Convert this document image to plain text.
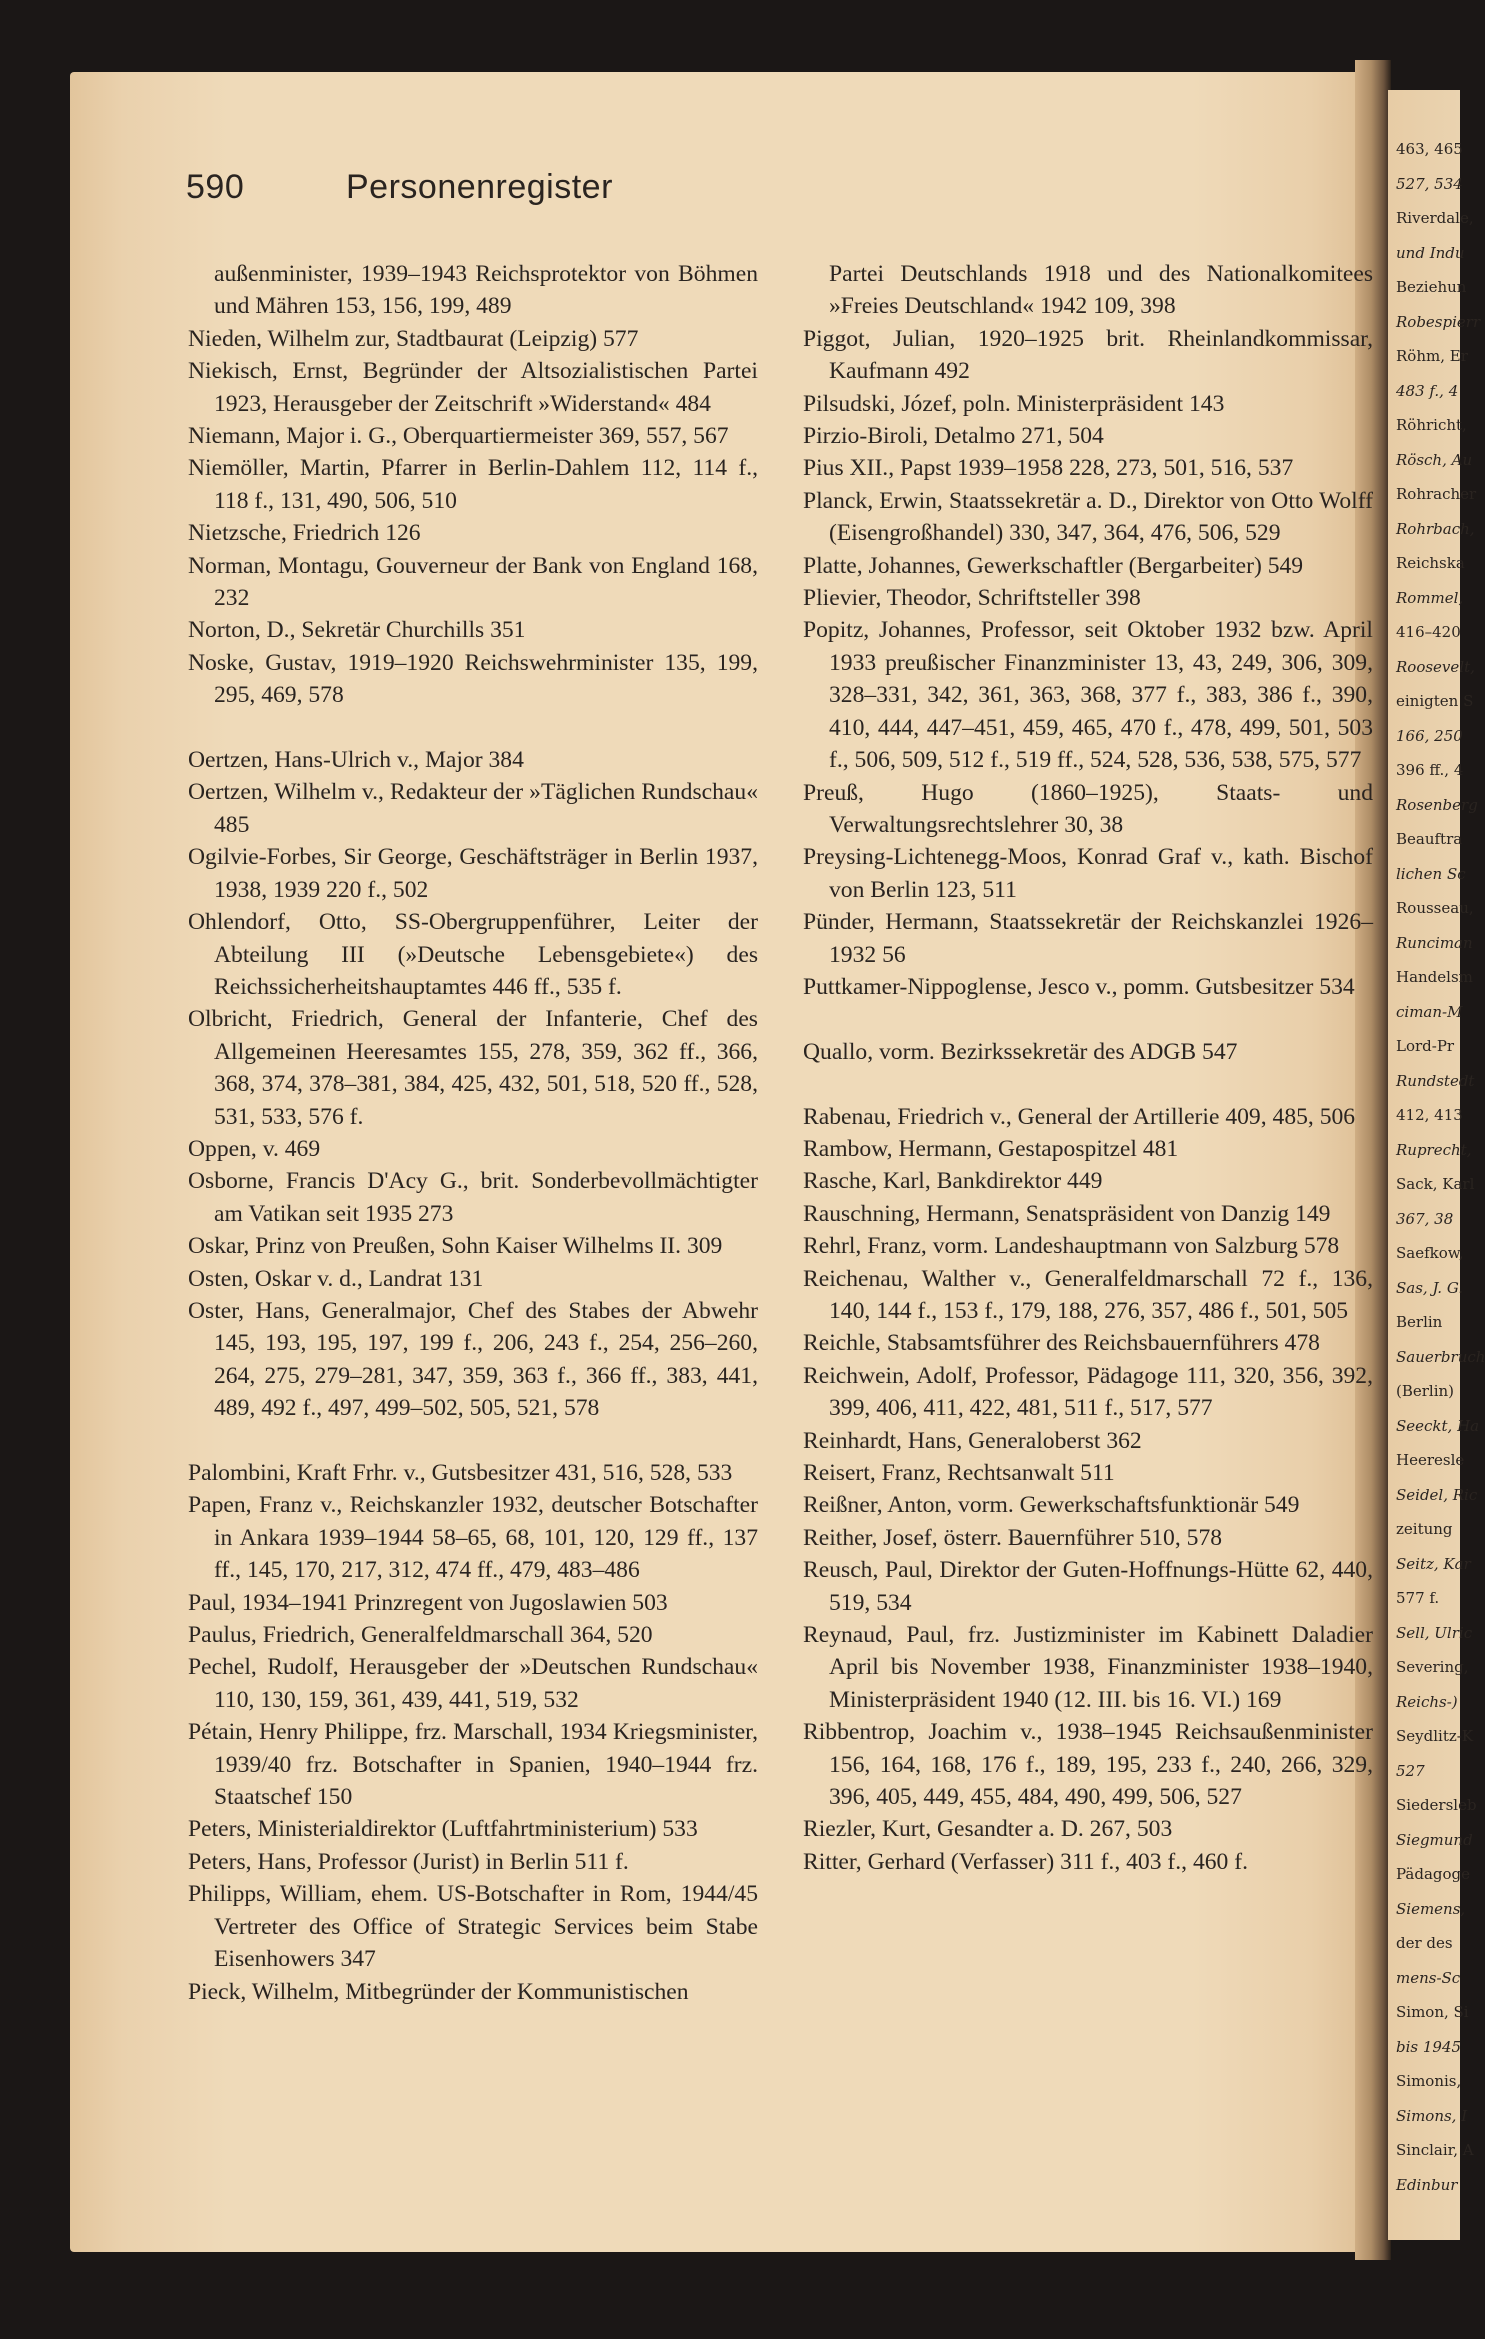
463, 465
527, 534
Riverdale,
und Indu
Beziehun
Robespierr
Röhm, Er
483 f., 4
Röhricht,
Rösch, Au
Rohracher
Rohrbach,
Reichska
Rommel,
416–420
Roosevelt,
einigten S
166, 250
396 ff., 4
Rosenberg
Beauftra
lichen Sc
Rousseau,
Runciman
Handelsm
ciman-M
Lord-Pr
Rundstedt
412, 413
Ruprecht,
Sack, Karl
367, 38
Saefkow,
Sas, J. G.
Berlin
Sauerbruch
(Berlin)
Seeckt, Ha
Heeresle
Seidel, Ric
zeitung
Seitz, Kar
577 f.
Sell, Ulric
Severing,
Reichs-)
Seydlitz-K
527
Siedersleb
Siegmund
Pädagoge
Siemens,
der des
mens-Sc
Simon, Si
bis 1945
Simonis,
Simons, I
Sinclair, A
Edinbur
590	Personenregister
außenminister, 1939–1943 Reichsprotektor von Böhmen und Mähren 153, 156, 199, 489
Nieden, Wilhelm zur, Stadtbaurat (Leipzig) 577
Niekisch, Ernst, Begründer der Altsozialistischen Partei 1923, Herausgeber der Zeitschrift »Widerstand« 484
Niemann, Major i. G., Oberquartiermeister 369, 557, 567
Niemöller, Martin, Pfarrer in Berlin-Dahlem 112, 114 f., 118 f., 131, 490, 506, 510
Nietzsche, Friedrich 126
Norman, Montagu, Gouverneur der Bank von England 168, 232
Norton, D., Sekretär Churchills 351
Noske, Gustav, 1919–1920 Reichswehrminister 135, 199, 295, 469, 578
Oertzen, Hans-Ulrich v., Major 384
Oertzen, Wilhelm v., Redakteur der »Täglichen Rundschau« 485
Ogilvie-Forbes, Sir George, Geschäftsträger in Berlin 1937, 1938, 1939 220 f., 502
Ohlendorf, Otto, SS-Obergruppenführer, Leiter der Abteilung III (»Deutsche Lebensgebiete«) des Reichssicherheitshauptamtes 446 ff., 535 f.
Olbricht, Friedrich, General der Infanterie, Chef des Allgemeinen Heeresamtes 155, 278, 359, 362 ff., 366, 368, 374, 378–381, 384, 425, 432, 501, 518, 520 ff., 528, 531, 533, 576 f.
Oppen, v. 469
Osborne, Francis D'Acy G., brit. Sonderbevollmächtigter am Vatikan seit 1935 273
Oskar, Prinz von Preußen, Sohn Kaiser Wilhelms II. 309
Osten, Oskar v. d., Landrat 131
Oster, Hans, Generalmajor, Chef des Stabes der Abwehr 145, 193, 195, 197, 199 f., 206, 243 f., 254, 256–260, 264, 275, 279–281, 347, 359, 363 f., 366 ff., 383, 441, 489, 492 f., 497, 499–502, 505, 521, 578
Palombini, Kraft Frhr. v., Gutsbesitzer 431, 516, 528, 533
Papen, Franz v., Reichskanzler 1932, deutscher Botschafter in Ankara 1939–1944 58–65, 68, 101, 120, 129 ff., 137 ff., 145, 170, 217, 312, 474 ff., 479, 483–486
Paul, 1934–1941 Prinzregent von Jugoslawien 503
Paulus, Friedrich, Generalfeldmarschall 364, 520
Pechel, Rudolf, Herausgeber der »Deutschen Rundschau« 110, 130, 159, 361, 439, 441, 519, 532
Pétain, Henry Philippe, frz. Marschall, 1934 Kriegsminister, 1939/40 frz. Botschafter in Spanien, 1940–1944 frz. Staatschef 150
Peters, Ministerialdirektor (Luftfahrtministerium) 533
Peters, Hans, Professor (Jurist) in Berlin 511 f.
Philipps, William, ehem. US-Botschafter in Rom, 1944/45 Vertreter des Office of Strategic Services beim Stabe Eisenhowers 347
Pieck, Wilhelm, Mitbegründer der Kommunistischen
Partei Deutschlands 1918 und des Nationalkomitees »Freies Deutschland« 1942 109, 398
Piggot, Julian, 1920–1925 brit. Rheinlandkommissar, Kaufmann 492
Pilsudski, Józef, poln. Ministerpräsident 143
Pirzio-Biroli, Detalmo 271, 504
Pius XII., Papst 1939–1958 228, 273, 501, 516, 537
Planck, Erwin, Staatssekretär a. D., Direktor von Otto Wolff (Eisengroßhandel) 330, 347, 364, 476, 506, 529
Platte, Johannes, Gewerkschaftler (Bergarbeiter) 549
Plievier, Theodor, Schriftsteller 398
Popitz, Johannes, Professor, seit Oktober 1932 bzw. April 1933 preußischer Finanzminister 13, 43, 249, 306, 309, 328–331, 342, 361, 363, 368, 377 f., 383, 386 f., 390, 410, 444, 447–451, 459, 465, 470 f., 478, 499, 501, 503 f., 506, 509, 512 f., 519 ff., 524, 528, 536, 538, 575, 577
Preuß, Hugo (1860–1925), Staats- und Verwaltungsrechtslehrer 30, 38
Preysing-Lichtenegg-Moos, Konrad Graf v., kath. Bischof von Berlin 123, 511
Pünder, Hermann, Staatssekretär der Reichskanzlei 1926–1932 56
Puttkamer-Nippoglense, Jesco v., pomm. Gutsbesitzer 534
Quallo, vorm. Bezirkssekretär des ADGB 547
Rabenau, Friedrich v., General der Artillerie 409, 485, 506
Rambow, Hermann, Gestapospitzel 481
Rasche, Karl, Bankdirektor 449
Rauschning, Hermann, Senatspräsident von Danzig 149
Rehrl, Franz, vorm. Landeshauptmann von Salzburg 578
Reichenau, Walther v., Generalfeldmarschall 72 f., 136, 140, 144 f., 153 f., 179, 188, 276, 357, 486 f., 501, 505
Reichle, Stabsamtsführer des Reichsbauernführers 478
Reichwein, Adolf, Professor, Pädagoge 111, 320, 356, 392, 399, 406, 411, 422, 481, 511 f., 517, 577
Reinhardt, Hans, Generaloberst 362
Reisert, Franz, Rechtsanwalt 511
Reißner, Anton, vorm. Gewerkschaftsfunktionär 549
Reither, Josef, österr. Bauernführer 510, 578
Reusch, Paul, Direktor der Guten-Hoffnungs-Hütte 62, 440, 519, 534
Reynaud, Paul, frz. Justizminister im Kabinett Daladier April bis November 1938, Finanzminister 1938–1940, Ministerpräsident 1940 (12. III. bis 16. VI.) 169
Ribbentrop, Joachim v., 1938–1945 Reichsaußenminister 156, 164, 168, 176 f., 189, 195, 233 f., 240, 266, 329, 396, 405, 449, 455, 484, 490, 499, 506, 527
Riezler, Kurt, Gesandter a. D. 267, 503
Ritter, Gerhard (Verfasser) 311 f., 403 f., 460 f.
